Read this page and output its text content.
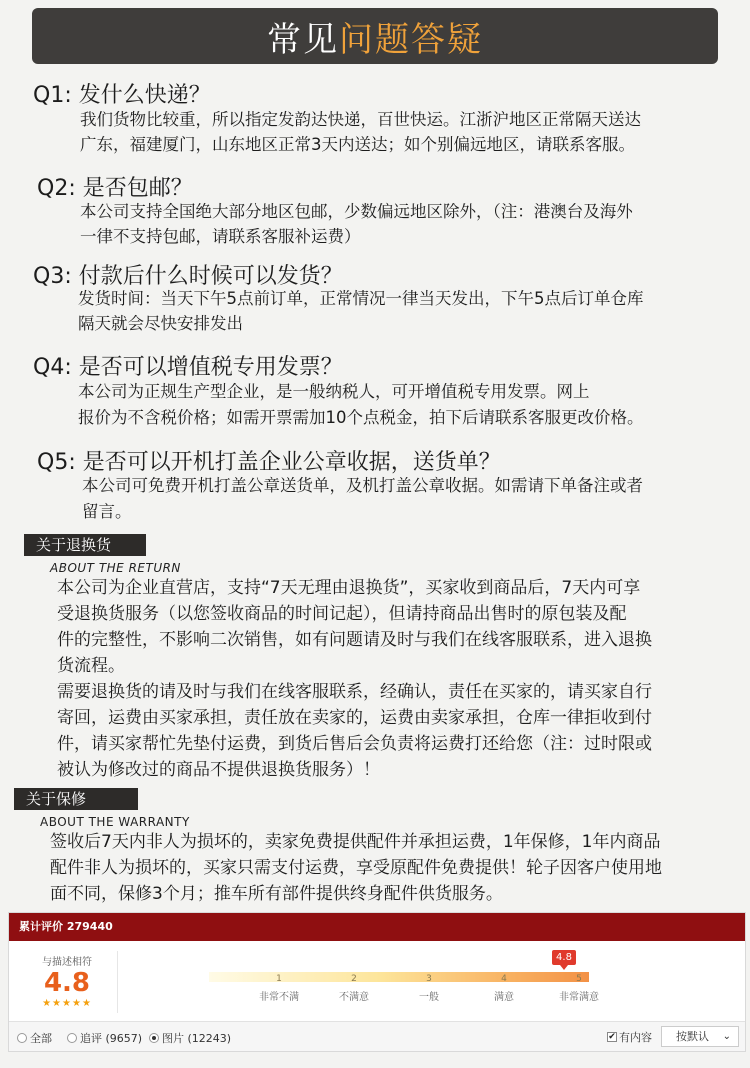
常见 问题答疑
Q1: 发什么快递？
我们货物比较重，所以指定发韵达快递，百世快运。江浙沪地区正常隔天送达
广东，福建厦门，山东地区正常3天内送达；如个别偏远地区，请联系客服。
Q2: 是否包邮？
本公司支持全国绝大部分地区包邮，少数偏远地区除外，（注：港澳台及海外
一律不支持包邮，请联系客服补运费）
Q3: 付款后什么时候可以发货？
发货时间：当天下午5点前订单，正常情况一律当天发出，下午5点后订单仓库
隔天就会尽快安排发出
Q4: 是否可以增值税专用发票？
本公司为正规生产型企业，是一般纳税人，可开增值税专用发票。网上
报价为不含税价格；如需开票需加10个点税金，拍下后请联系客服更改价格。
Q5: 是否可以开机打盖企业公章收据，送货单？
本公司可免费开机打盖公章送货单，及机打盖公章收据。如需请下单备注或者
留言。
关于退换货
ABOUT THE RETURN
本公司为企业直营店，支持“7天无理由退换货”，买家收到商品后，7天内可享
受退换货服务（以您签收商品的时间记起），但请持商品出售时的原包装及配
件的完整性，不影响二次销售，如有问题请及时与我们在线客服联系，进入退换
货流程。
需要退换货的请及时与我们在线客服联系，经确认，责任在买家的，请买家自行
寄回，运费由买家承担，责任放在卖家的，运费由卖家承担，仓库一律拒收到付
件，请买家帮忙先垫付运费，到货后售后会负责将运费打还给您（注：过时限或
被认为修改过的商品不提供退换货服务）！
关于保修
ABOUT THE WARRANTY
签收后7天内非人为损坏的，卖家免费提供配件并承担运费，1年保修，1年内商品
配件非人为损坏的，买家只需支付运费，享受原配件免费提供！轮子因客户使用地
面不同，保修3个月；推车所有部件提供终身配件供货服务。
累计评价 279440
与描述相符
4.8
★★★★★
1	2	3	4	5
非常不满	不满意	一般	满意	非常满意
4.8
全部	追评 (9657) 图片 (12243)	✔ 有内容	按默认 ⌄
